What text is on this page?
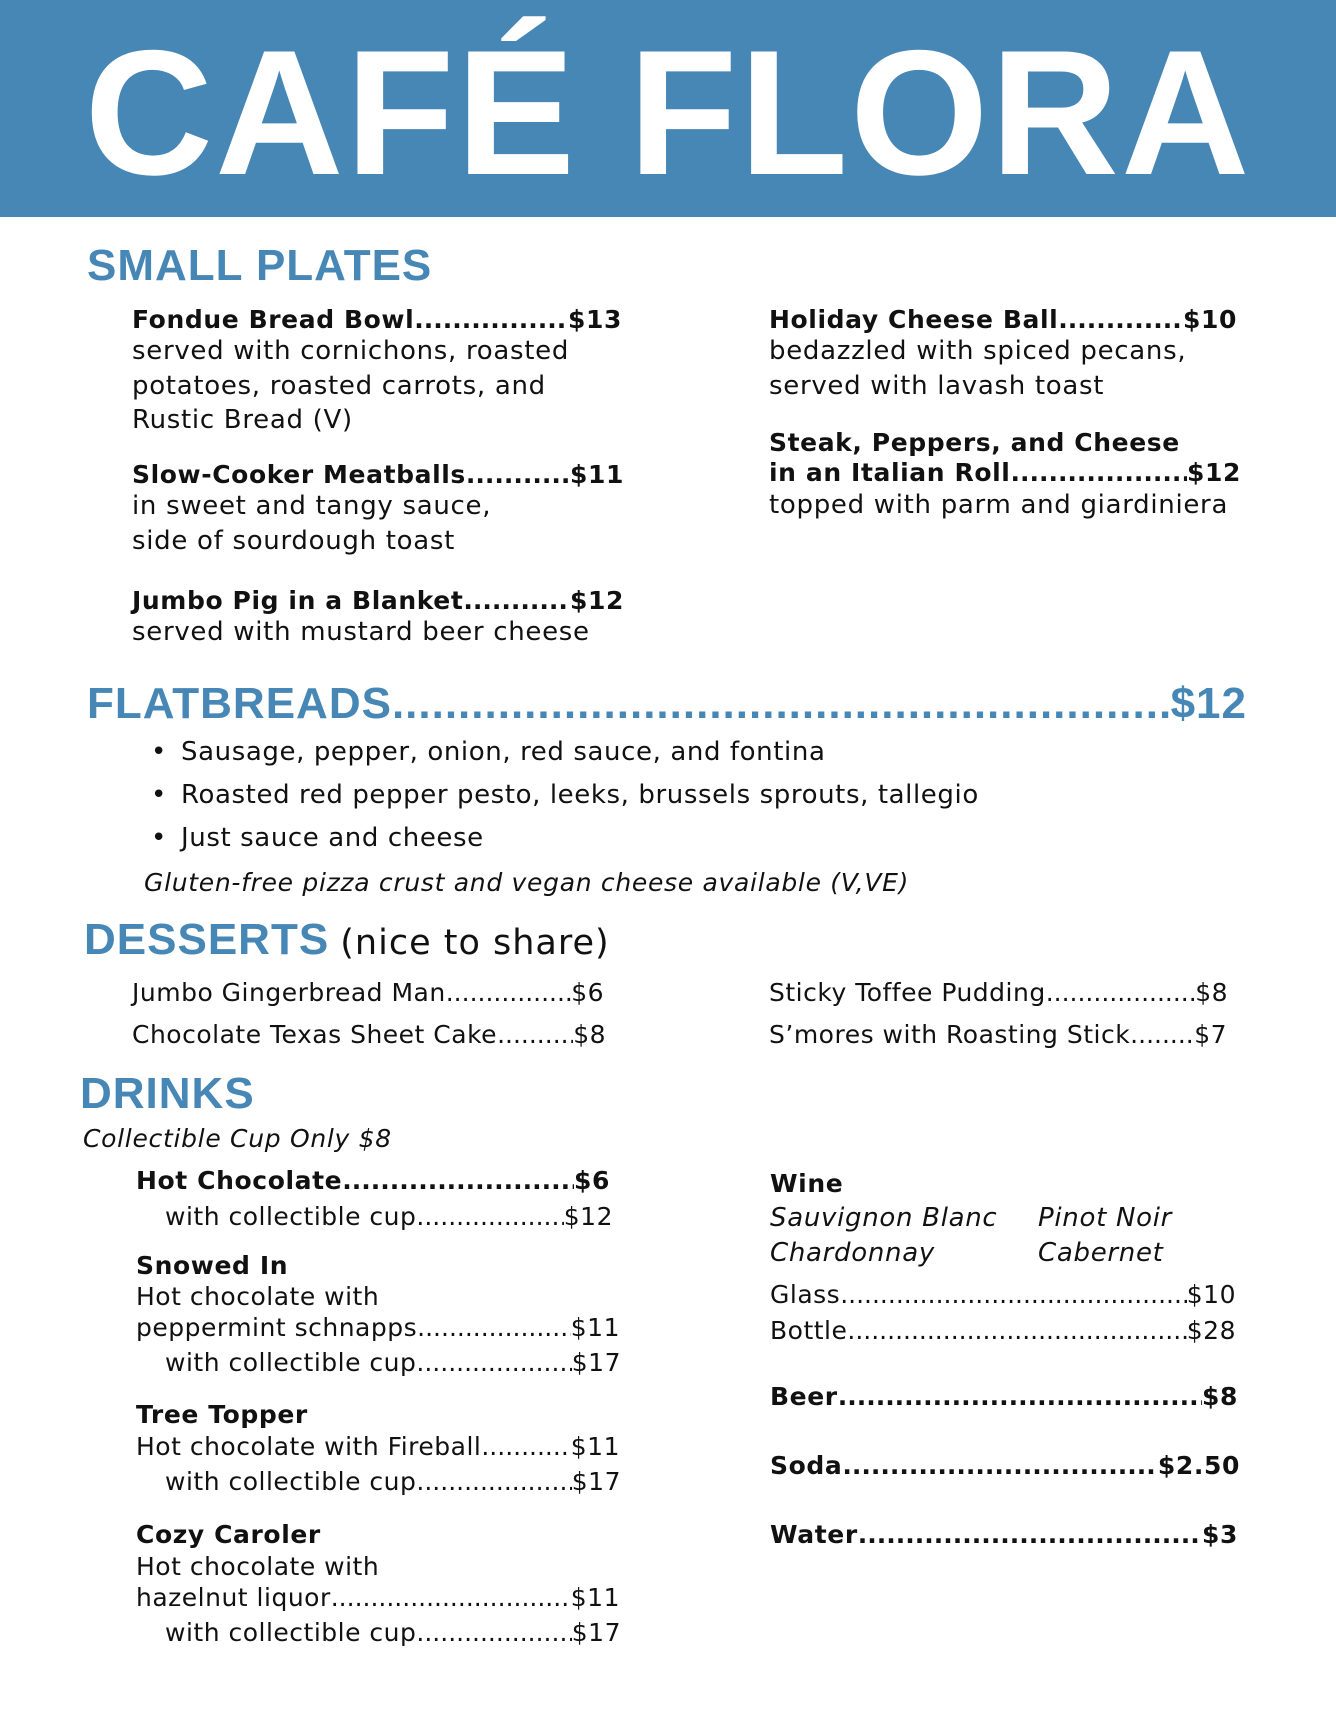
CAFÉ FLORA
SMALL PLATES
Fondue Bread Bowl .....	$13
served with cornichons, roasted
potatoes, roasted carrots, and
Rustic Bread (V)
Slow-Cooker Meatballs .....	$11
in sweet and tangy sauce,
side of sourdough toast
Jumbo Pig in a Blanket .....	$12
served with mustard beer cheese
Holiday Cheese Ball .....	$10
bedazzled with spiced pecans,
served with lavash toast
Steak, Peppers, and Cheese
in an Italian Roll .....	$12
topped with parm and giardiniera
FLATBREADS .....	$12
• Sausage, pepper, onion, red sauce, and fontina
• Roasted red pepper pesto, leeks, brussels sprouts, tallegio
• Just sauce and cheese
Gluten-free pizza crust and vegan cheese available (V,VE)
DESSERTS (nice to share)
Jumbo Gingerbread Man .....	$6
Chocolate Texas Sheet Cake .....	$8
Sticky Toffee Pudding .....	$8
S’mores with Roasting Stick .....	$7
DRINKS
Collectible Cup Only $8
Hot Chocolate .....	$6
with collectible cup .....	$12
Snowed In
Hot chocolate with
peppermint schnapps .....	$11
with collectible cup .....	$17
Tree Topper
Hot chocolate with Fireball .....	$11
with collectible cup .....	$17
Cozy Caroler
Hot chocolate with
hazelnut liquor .....	$11
with collectible cup .....	$17
Wine
Sauvignon Blanc
Chardonnay
Pinot Noir
Cabernet
Glass .....	$10
Bottle .....	$28
Beer .....	$8
Soda .....	$2.50
Water .....	$3
